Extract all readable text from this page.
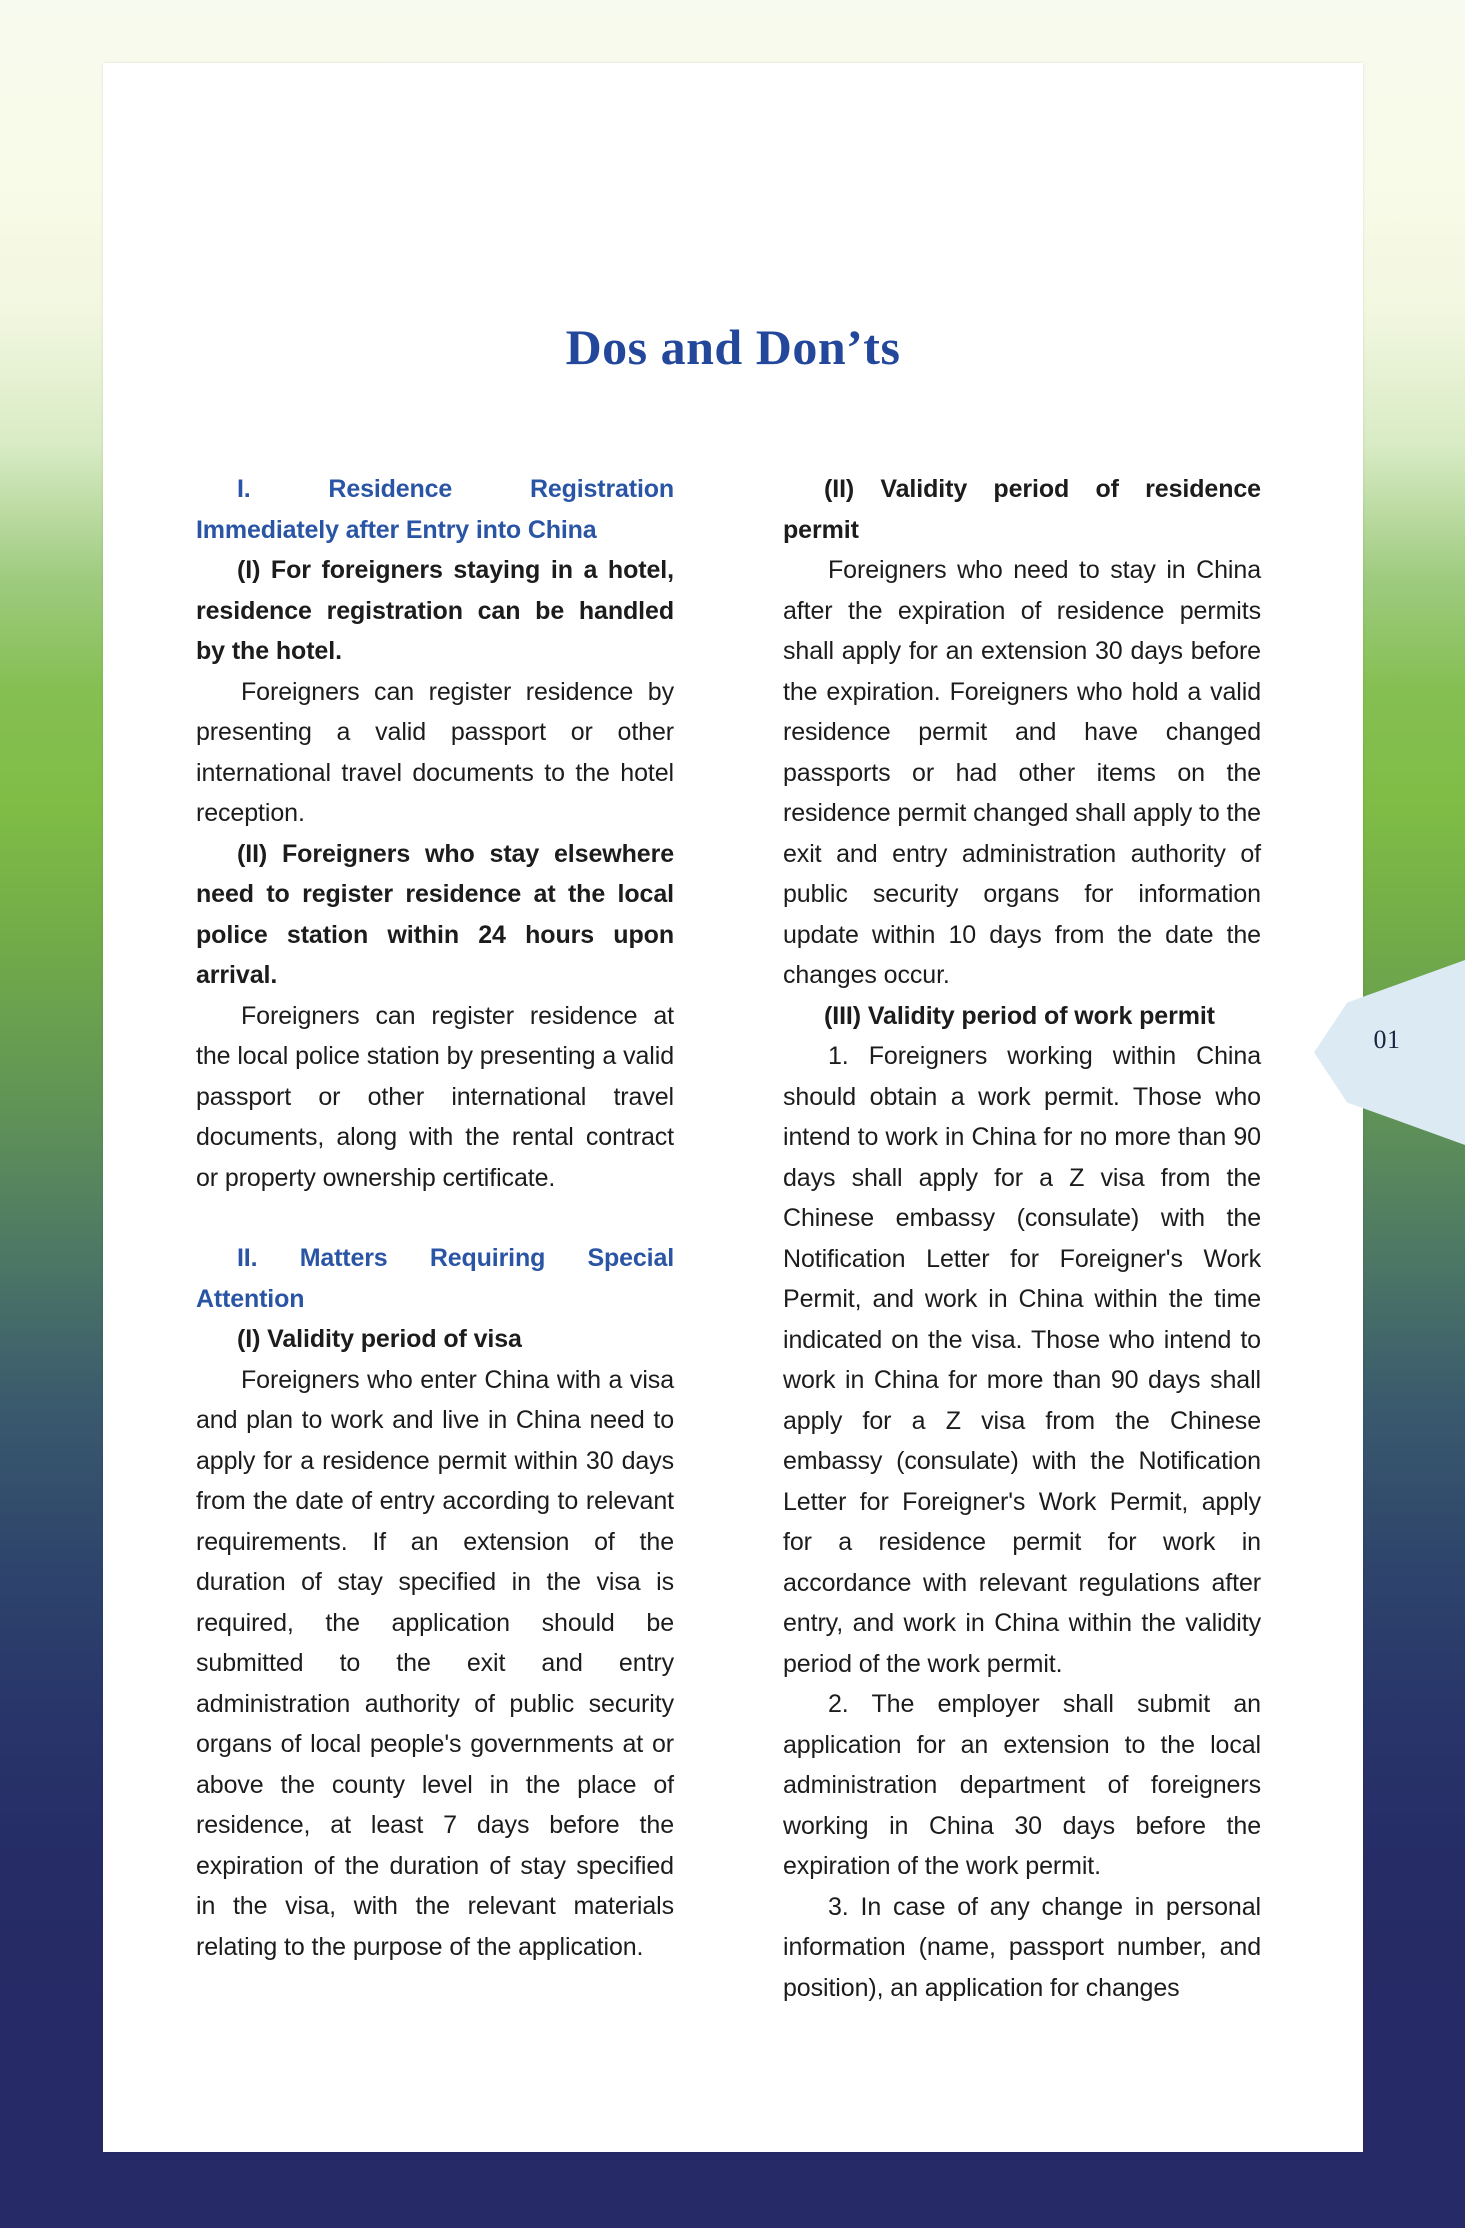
Dos and Don’ts
I. Residence Registration Immediately after Entry into China
(I) For foreigners staying in a hotel, residence registration can be handled by the hotel.
Foreigners can register residence by presenting a valid passport or other international travel documents to the hotel reception.
(II) Foreigners who stay elsewhere need to register residence at the local police station within 24 hours upon arrival.
Foreigners can register residence at the local police station by presenting a valid passport or other international travel documents, along with the rental contract or property ownership certificate.
II. Matters Requiring Special Attention
(I) Validity period of visa
Foreigners who enter China with a visa and plan to work and live in China need to apply for a residence permit within 30 days from the date of entry according to relevant requirements. If an extension of the duration of stay specified in the visa is required, the application should be submitted to the exit and entry administration authority of public security organs of local people's governments at or above the county level in the place of residence, at least 7 days before the expiration of the duration of stay specified in the visa, with the relevant materials relating to the purpose of the application.
(II) Validity period of residence permit
Foreigners who need to stay in China after the expiration of residence permits shall apply for an extension 30 days before the expiration. Foreigners who hold a valid residence permit and have changed passports or had other items on the residence permit changed shall apply to the exit and entry administration authority of public security organs for information update within 10 days from the date the changes occur.
(III) Validity period of work permit
1. Foreigners working within China should obtain a work permit. Those who intend to work in China for no more than 90 days shall apply for a Z visa from the Chinese embassy (consulate) with the Notification Letter for Foreigner's Work Permit, and work in China within the time indicated on the visa. Those who intend to work in China for more than 90 days shall apply for a Z visa from the Chinese embassy (consulate) with the Notification Letter for Foreigner's Work Permit, apply for a residence permit for work in accordance with relevant regulations after entry, and work in China within the validity period of the work permit.
2. The employer shall submit an application for an extension to the local administration department of foreigners working in China 30 days before the expiration of the work permit.
3. In case of any change in personal information (name, passport number, and position), an application for changes
01
